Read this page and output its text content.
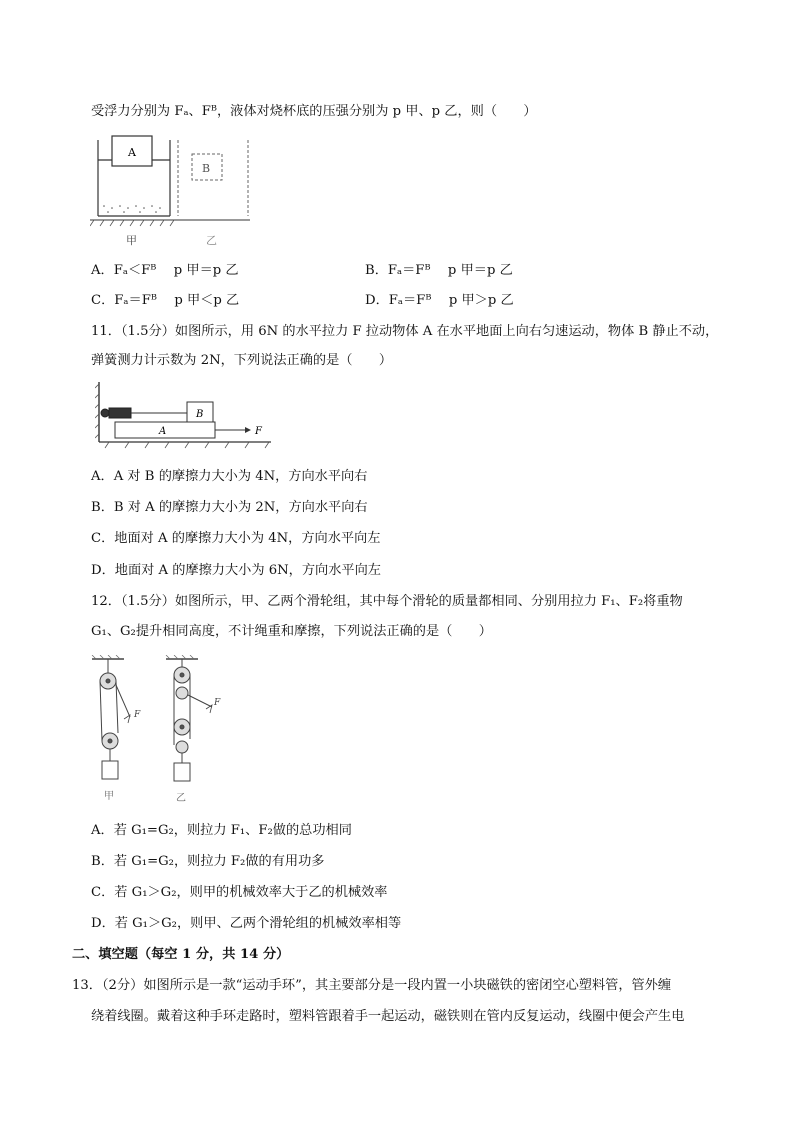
受浮力分别为 Fₐ、Fᴮ，液体对烧杯底的压强分别为 p 甲、p 乙，则（　　）
A
B
甲	乙
A．Fₐ＜Fᴮ　 p 甲＝p 乙	B．Fₐ＝Fᴮ　 p 甲＝p 乙
C．Fₐ＝Fᴮ　 p 甲＜p 乙	D．Fₐ＝Fᴮ　 p 甲＞p 乙
11．（1.5分）如图所示，用 6N 的水平拉力 F 拉动物体 A 在水平地面上向右匀速运动，物体 B 静止不动，
弹簧测力计示数为 2N，下列说法正确的是（　　）
B
A	F
A．A 对 B 的摩擦力大小为 4N，方向水平向右
B．B 对 A 的摩擦力大小为 2N，方向水平向右
C．地面对 A 的摩擦力大小为 4N，方向水平向左
D．地面对 A 的摩擦力大小为 6N，方向水平向左
12．（1.5分）如图所示，甲、乙两个滑轮组，其中每个滑轮的质量都相同、分别用拉力 F₁、F₂将重物
G₁、G₂提升相同高度，不计绳重和摩擦，下列说法正确的是（　　）
F
甲
F
乙
A．若 G₁=G₂，则拉力 F₁、F₂做的总功相同
B．若 G₁=G₂，则拉力 F₂做的有用功多
C．若 G₁＞G₂，则甲的机械效率大于乙的机械效率
D．若 G₁＞G₂，则甲、乙两个滑轮组的机械效率相等
二、填空题（每空 1 分，共 14 分）
13．（2分）如图所示是一款“运动手环”，其主要部分是一段内置一小块磁铁的密闭空心塑料管，管外缠
绕着线圈。戴着这种手环走路时，塑料管跟着手一起运动，磁铁则在管内反复运动，线圈中便会产生电
